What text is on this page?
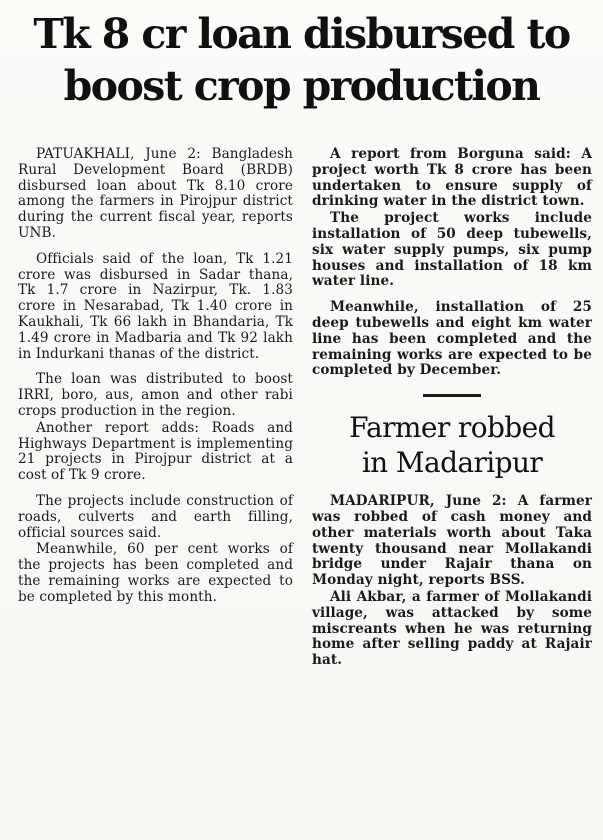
Tk 8 cr loan disbursed to
boost crop production

PATUAKHALI, June 2: Bangladesh Rural Development Board (BRDB) disbursed loan about Tk 8.10 crore among the farmers in Pirojpur district during the current fiscal year, reports UNB.

Officials said of the loan, Tk 1.21 crore was disbursed in Sadar thana, Tk 1.7 crore in Nazirpur, Tk. 1.83 crore in Nesarabad, Tk 1.40 crore in Kaukhali, Tk 66 lakh in Bhandaria, Tk 1.49 crore in Madbaria and Tk 92 lakh in Indurkani thanas of the district.

The loan was distributed to boost IRRI, boro, aus, amon and other rabi crops production in the region.

Another report adds: Roads and Highways Department is implementing 21 projects in Pirojpur district at a cost of Tk 9 crore.

The projects include construction of roads, culverts and earth filling, official sources said.

Meanwhile, 60 per cent works of the projects has been completed and the remaining works are expected to be completed by this month.

A report from Borguna said: A project worth Tk 8 crore has been undertaken to ensure supply of drinking water in the district town.

The project works include installation of 50 deep tubewells, six water supply pumps, six pump houses and installation of 18 km water line.

Meanwhile, installation of 25 deep tubewells and eight km water line has been completed and the remaining works are expected to be completed by December.

Farmer robbed
in Madaripur

MADARIPUR, June 2: A farmer was robbed of cash money and other materials worth about Taka twenty thousand near Mollakandi bridge under Rajair thana on Monday night, reports BSS.

Ali Akbar, a farmer of Mollakandi village, was attacked by some miscreants when he was returning home after selling paddy at Rajair hat.
